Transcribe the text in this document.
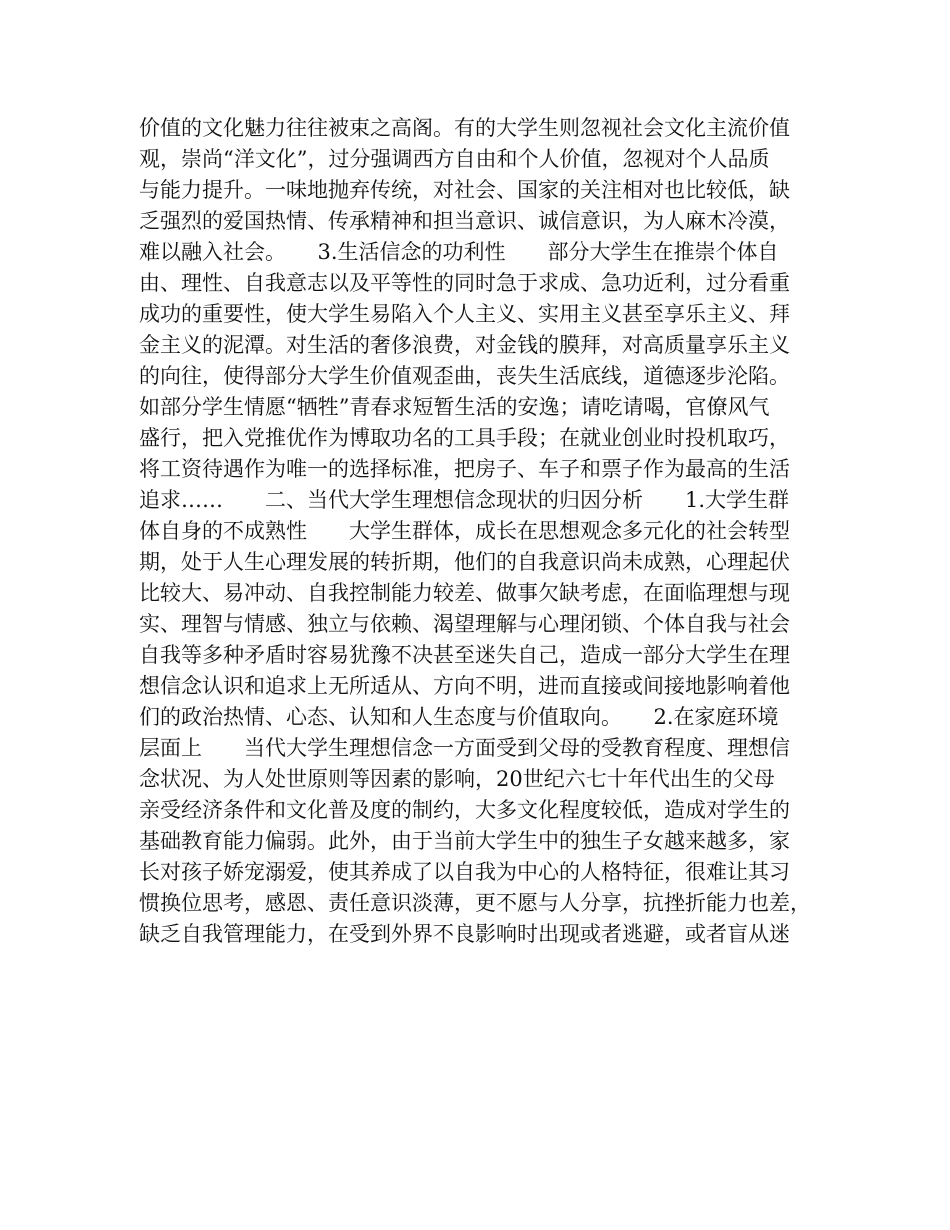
价值的文化魅力往往被束之高阁。有的大学生则忽视社会文化主流价值
观，崇尚“洋文化”，过分强调西方自由和个人价值，忽视对个人品质
与能力提升。一味地抛弃传统，对社会、国家的关注相对也比较低，缺
乏强烈的爱国热情、传承精神和担当意识、诚信意识，为人麻木冷漠，
难以融入社会。　　3.生活信念的功利性　　部分大学生在推崇个体自
由、理性、自我意志以及平等性的同时急于求成、急功近利，过分看重
成功的重要性，使大学生易陷入个人主义、实用主义甚至享乐主义、拜
金主义的泥潭。对生活的奢侈浪费，对金钱的膜拜，对高质量享乐主义
的向往，使得部分大学生价值观歪曲，丧失生活底线，道德逐步沦陷。
如部分学生情愿“牺牲”青春求短暂生活的安逸；请吃请喝，官僚风气
盛行，把入党推优作为博取功名的工具手段；在就业创业时投机取巧，
将工资待遇作为唯一的选择标准，把房子、车子和票子作为最高的生活
追求……　　二、当代大学生理想信念现状的归因分析　　1.大学生群
体自身的不成熟性　　大学生群体，成长在思想观念多元化的社会转型
期，处于人生心理发展的转折期，他们的自我意识尚未成熟，心理起伏
比较大、易冲动、自我控制能力较差、做事欠缺考虑，在面临理想与现
实、理智与情感、独立与依赖、渴望理解与心理闭锁、个体自我与社会
自我等多种矛盾时容易犹豫不决甚至迷失自己，造成一部分大学生在理
想信念认识和追求上无所适从、方向不明，进而直接或间接地影响着他
们的政治热情、心态、认知和人生态度与价值取向。　　2.在家庭环境
层面上　　当代大学生理想信念一方面受到父母的受教育程度、理想信
念状况、为人处世原则等因素的影响，20世纪六七十年代出生的父母
亲受经济条件和文化普及度的制约，大多文化程度较低，造成对学生的
基础教育能力偏弱。此外，由于当前大学生中的独生子女越来越多，家
长对孩子娇宠溺爱，使其养成了以自我为中心的人格特征，很难让其习
惯换位思考，感恩、责任意识淡薄，更不愿与人分享，抗挫折能力也差，
缺乏自我管理能力，在受到外界不良影响时出现或者逃避，或者盲从迷
